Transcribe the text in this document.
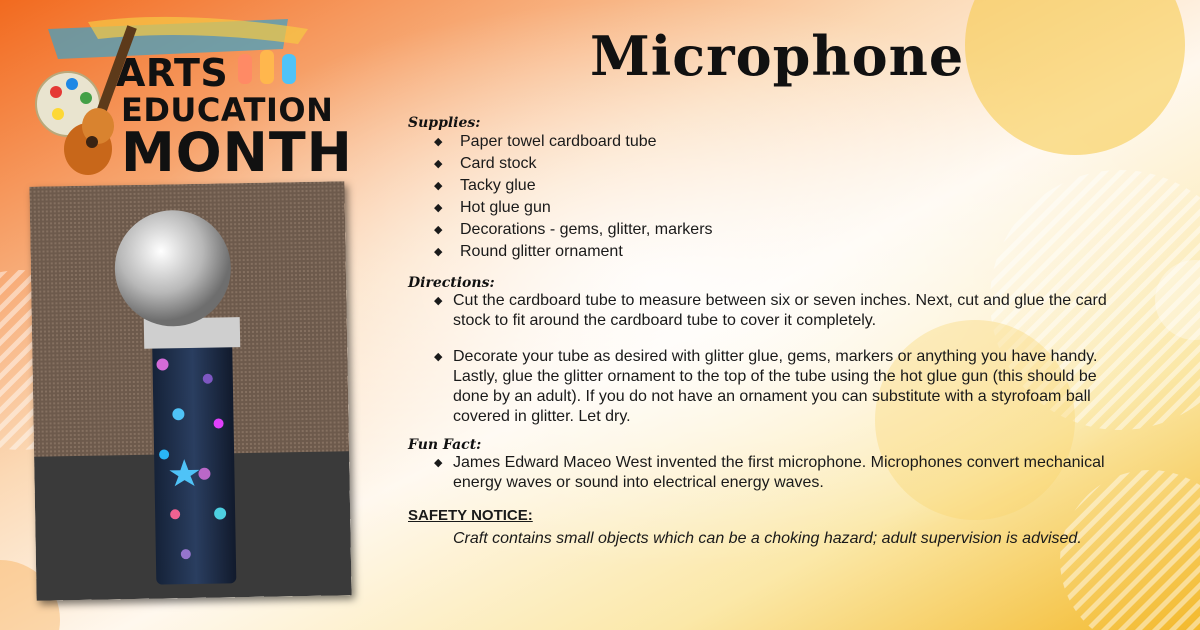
ARTS
EDUCATION
MONTH
Microphone

Supplies:

◆ Paper towel cardboard tube
◆ Card stock
◆ Tacky glue
◆ Hot glue gun
◆ Decorations - gems, glitter, markers
◆ Round glitter ornament

Directions:

◆ Cut the cardboard tube to measure between six or seven inches. Next, cut and glue the card stock to fit around the cardboard tube to cover it completely.
◆ Decorate your tube as desired with glitter glue, gems, markers or anything you have handy. Lastly, glue the glitter ornament to the top of the tube using the hot glue gun (this should be done by an adult). If you do not have an ornament you can substitute with a styrofoam ball covered in glitter. Let dry.

Fun Fact:

◆ James Edward Maceo West invented the first microphone. Microphones convert mechanical energy waves or sound into electrical energy waves.

SAFETY NOTICE:

Craft contains small objects which can be a choking hazard; adult supervision is advised.
